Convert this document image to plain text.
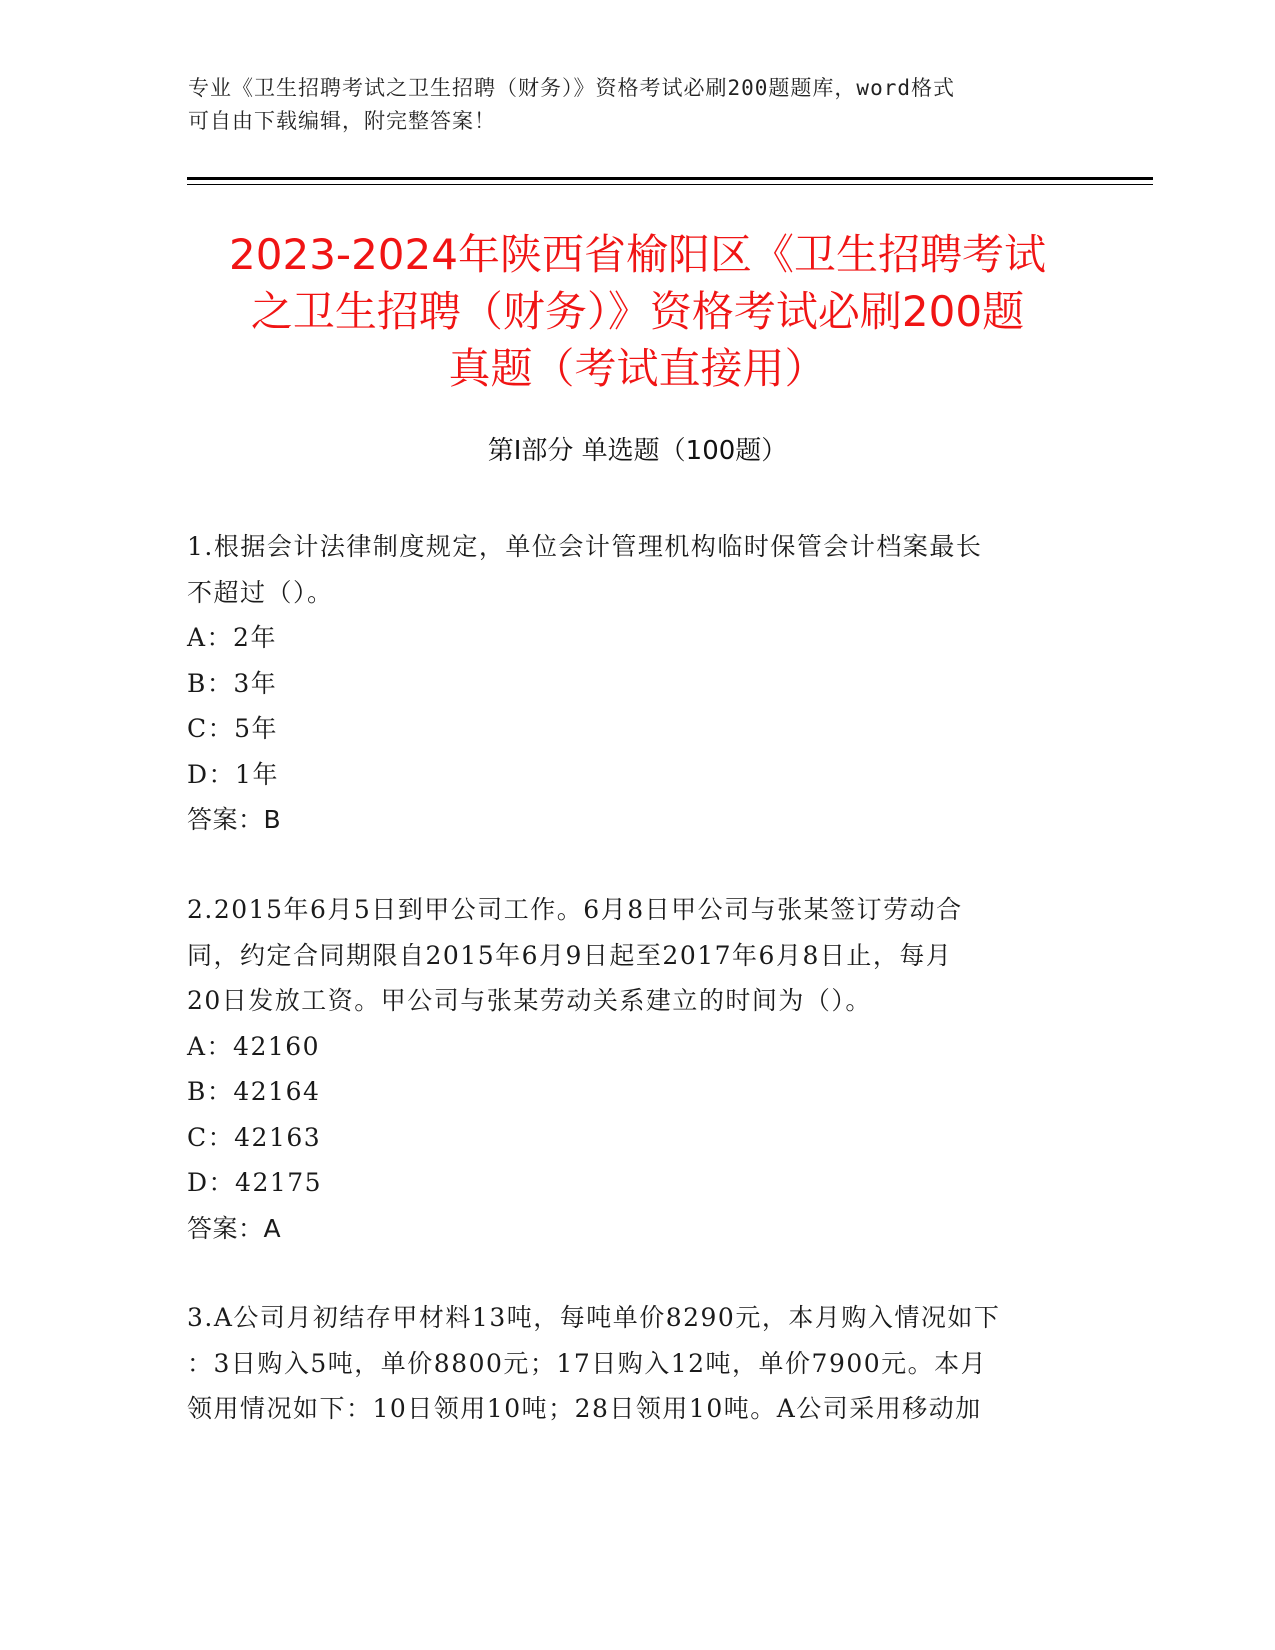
专业《卫生招聘考试之卫生招聘（财务）》资格考试必刷200题题库，word格式
可自由下载编辑，附完整答案！
2023-2024年陕西省榆阳区《卫生招聘考试
之卫生招聘（财务）》资格考试必刷200题
真题（考试直接用）
第Ⅰ部分 单选题（100题）
1.根据会计法律制度规定，单位会计管理机构临时保管会计档案最长
不超过（）。
A：2年
B：3年
C：5年
D：1年
答案：B
2.2015年6月5日到甲公司工作。6月8日甲公司与张某签订劳动合
同，约定合同期限自2015年6月9日起至2017年6月8日止，每月
20日发放工资。甲公司与张某劳动关系建立的时间为（）。
A：42160
B：42164
C：42163
D：42175
答案：A
3.A公司月初结存甲材料13吨，每吨单价8290元，本月购入情况如下
：3日购入5吨，单价8800元；17日购入12吨，单价7900元。本月
领用情况如下：10日领用10吨；28日领用10吨。A公司采用移动加
